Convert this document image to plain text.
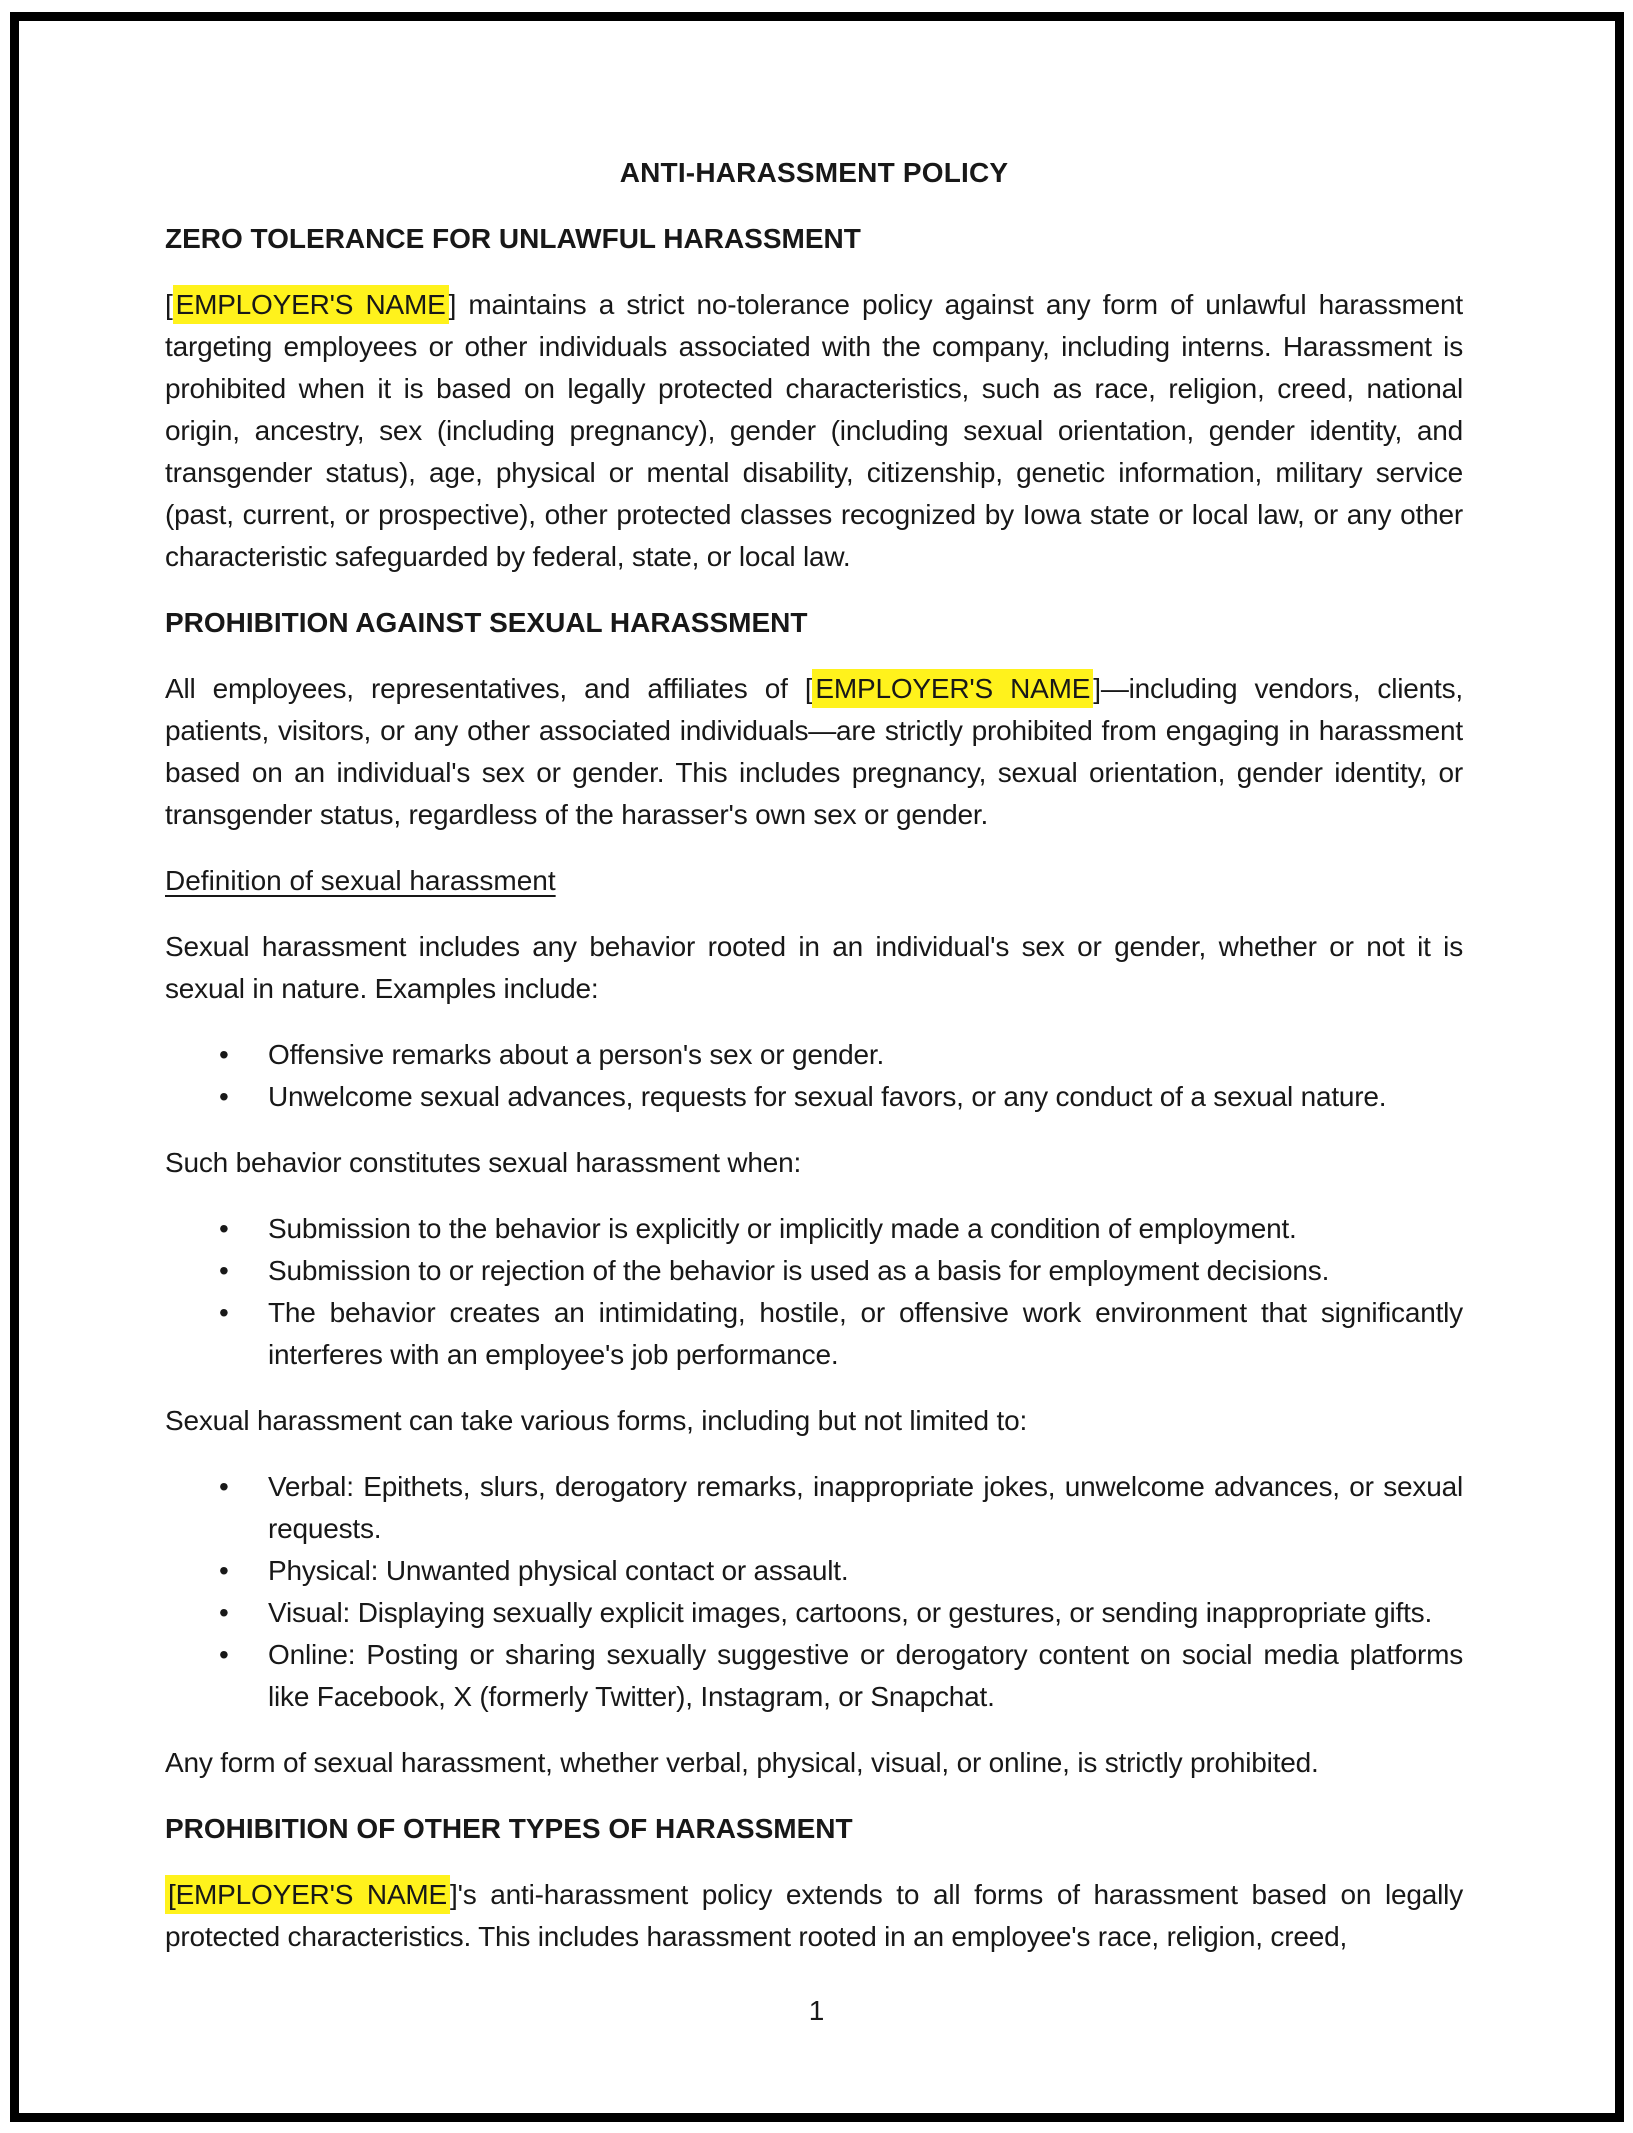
ANTI-HARASSMENT POLICY
ZERO TOLERANCE FOR UNLAWFUL HARASSMENT

[ EMPLOYER'S NAME ] maintains a strict no-tolerance policy against any form of unlawful harassment targeting employees or other individuals associated with the company, including interns. Harassment is prohibited when it is based on legally protected characteristics, such as race, religion, creed, national origin, ancestry, sex (including pregnancy), gender (including sexual orientation, gender identity, and transgender status), age, physical or mental disability, citizenship, genetic information, military service (past, current, or prospective), other protected classes recognized by Iowa state or local law, or any other characteristic safeguarded by federal, state, or local law.

PROHIBITION AGAINST SEXUAL HARASSMENT

All employees, representatives, and affiliates of [ EMPLOYER'S NAME ]—including vendors, clients, patients, visitors, or any other associated individuals—are strictly prohibited from engaging in harassment based on an individual's sex or gender. This includes pregnancy, sexual orientation, gender identity, or transgender status, regardless of the harasser's own sex or gender.

Definition of sexual harassment

Sexual harassment includes any behavior rooted in an individual's sex or gender, whether or not it is sexual in nature. Examples include:

• Offensive remarks about a person's sex or gender.
• Unwelcome sexual advances, requests for sexual favors, or any conduct of a sexual nature.

Such behavior constitutes sexual harassment when:

• Submission to the behavior is explicitly or implicitly made a condition of employment.
• Submission to or rejection of the behavior is used as a basis for employment decisions.
• The behavior creates an intimidating, hostile, or offensive work environment that significantly interferes with an employee's job performance.

Sexual harassment can take various forms, including but not limited to:

• Verbal: Epithets, slurs, derogatory remarks, inappropriate jokes, unwelcome advances, or sexual requests.
• Physical: Unwanted physical contact or assault.
• Visual: Displaying sexually explicit images, cartoons, or gestures, or sending inappropriate gifts.
• Online: Posting or sharing sexually suggestive or derogatory content on social media platforms like Facebook, X (formerly Twitter), Instagram, or Snapchat.

Any form of sexual harassment, whether verbal, physical, visual, or online, is strictly prohibited.

PROHIBITION OF OTHER TYPES OF HARASSMENT

[EMPLOYER'S NAME ]'s anti-harassment policy extends to all forms of harassment based on legally protected characteristics. This includes harassment rooted in an employee's race, religion, creed,

1
